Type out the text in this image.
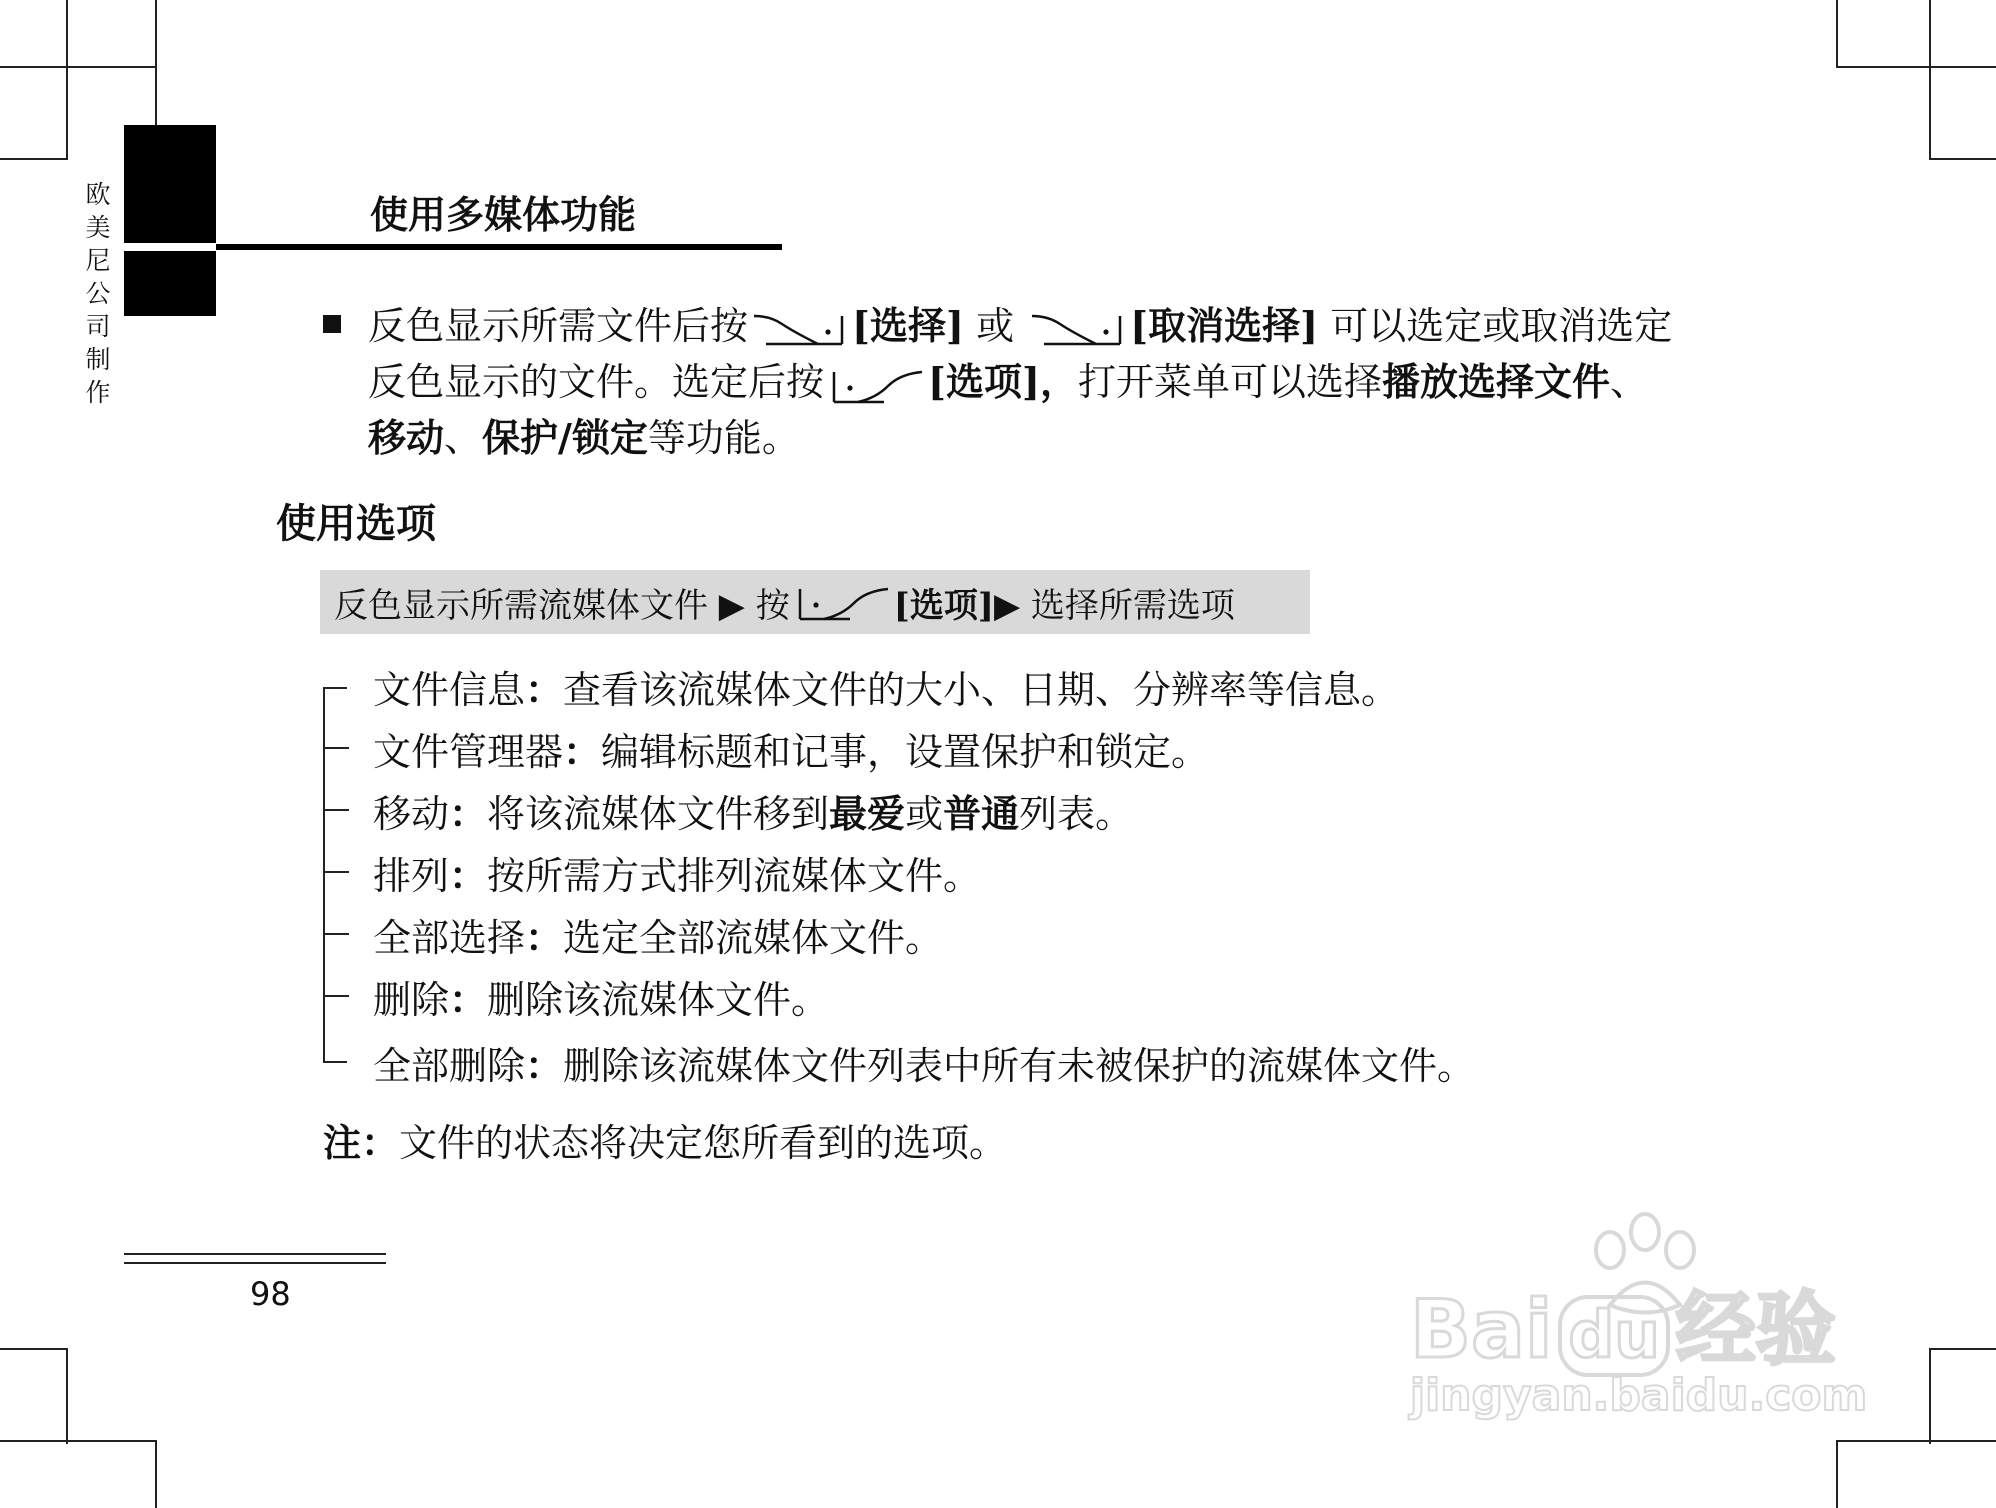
欧
美
尼
公
司
制
作
使用多媒体功能
反色显示所需文件后按	[选择] 或	[取消选择] 可以选定或取消选定
反色显示的文件。选定后按	[选项]，打开菜单可以选择播放选择文件、
移动、保护/锁定等功能。
使用选项
反色显示所需流媒体文件 ▶ 按	[选项] ▶ 选择所需选项
文件信息 ： 查看该流媒体文件的大小、日期、分辨率等信息。
文件管理器 ： 编辑标题和记事，设置保护和锁定。
移动 ： 将该流媒体文件移到 最爱 或 普通 列表。
排列 ： 按所需方式排列流媒体文件。
全部选择 ： 选定全部流媒体文件。
删除 ： 删除该流媒体文件。
全部删除 ： 删除该流媒体文件列表中所有未被保护的流媒体文件。
注：文件的状态将决定您所看到的选项。
98	Bai du 经验
jingyan.baidu.com
